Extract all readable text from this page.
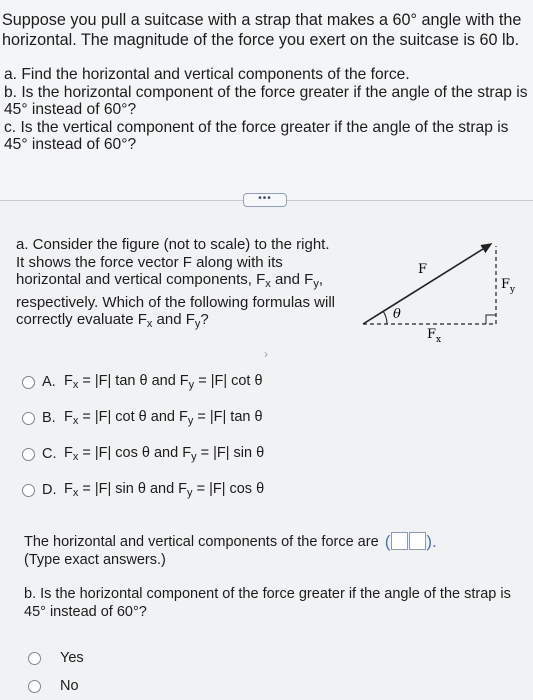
Suppose you pull a suitcase with a strap that makes a 60° angle with the horizontal. The magnitude of the force you exert on the suitcase is 60 lb.

a. Find the horizontal and vertical components of the force.

b. Is the horizontal component of the force greater if the angle of the strap is 45° instead of 60°?

c. Is the vertical component of the force greater if the angle of the strap is 45° instead of 60°?

•••
a. Consider the figure (not to scale) to the right.
It shows the force vector F along with its
horizontal and vertical components, $F_x$ and $F_y$,
respectively. Which of the following formulas will
correctly evaluate $F_x$ and $F_y$?	θ
F
$F_y$
$F_x$
›
A. $F_x = |F|$ tan θ and $F_y = |F|$ cot θ
B. $F_x = |F|$ cot θ and $F_y = |F|$ tan θ
C. $F_x = |F|$ cos θ and $F_y = |F|$ sin θ
D. $F_x = |F|$ sin θ and $F_y = |F|$ cos θ
The horizontal and vertical components of the force are ( ).
(Type exact answers.)
b. Is the horizontal component of the force greater if the angle of the strap is 45° instead of 60°?
Yes
No
